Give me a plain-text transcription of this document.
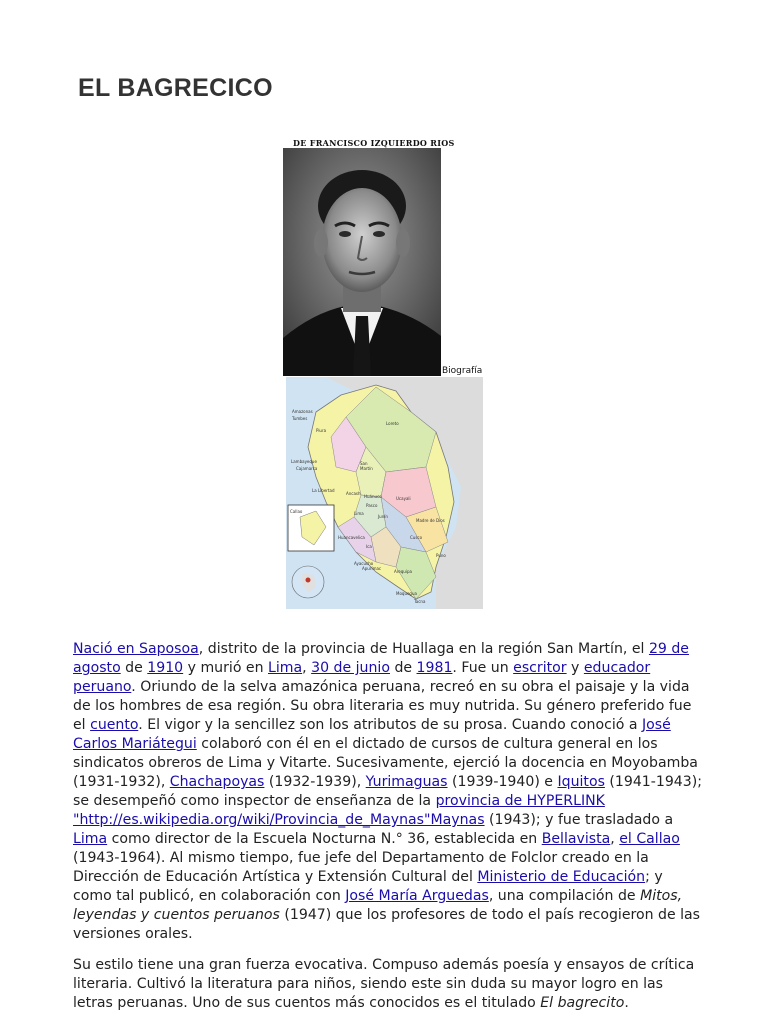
EL BAGRECICO
DE FRANCISCO IZQUIERDO RIOS
Biografía
Amazonas
Tumbes
Piura
Loreto
Lambayeque
Cajamarca
San
Martín
La Libertad
Ancash
Huánuco	Ucayali
Pasco
Junín
Lima
Callao
Madre de Dios
Cusco
Huancavelica
Ica
Ayacucho
Apurímac
Arequipa
Puno
Moquegua
Tacna

Nació en Saposoa, distrito de la provincia de Huallaga en la región San Martín, el 29 de agosto de 1910 y murió en Lima, 30 de junio de 1981. Fue un escritor y educador peruano. Oriundo de la selva amazónica peruana, recreó en su obra el paisaje y la vida de los hombres de esa región. Su obra literaria es muy nutrida. Su género preferido fue el cuento. El vigor y la sencillez son los atributos de su prosa. Cuando conoció a José Carlos Mariátegui colaboró con él en el dictado de cursos de cultura general en los sindicatos obreros de Lima y Vitarte. Sucesivamente, ejerció la docencia en Moyobamba (1931-1932), Chachapoyas (1932-1939), Yurimaguas (1939-1940) e Iquitos (1941-1943); se desempeñó como inspector de enseñanza de la provincia de HYPERLINK "http://es.wikipedia.org/wiki/Provincia_de_Maynas"Maynas (1943); y fue trasladado a Lima como director de la Escuela Nocturna N.° 36, establecida en Bellavista, el Callao (1943-1964). Al mismo tiempo, fue jefe del Departamento de Folclor creado en la Dirección de Educación Artística y Extensión Cultural del Ministerio de Educación; y como tal publicó, en colaboración con José María Arguedas, una compilación de Mitos, leyendas y cuentos peruanos (1947) que los profesores de todo el país recogieron de las versiones orales.

Su estilo tiene una gran fuerza evocativa. Compuso además poesía y ensayos de crítica literaria. Cultivó la literatura para niños, siendo este sin duda su mayor logro en las letras peruanas. Uno de sus cuentos más conocidos es el titulado El bagrecito.
